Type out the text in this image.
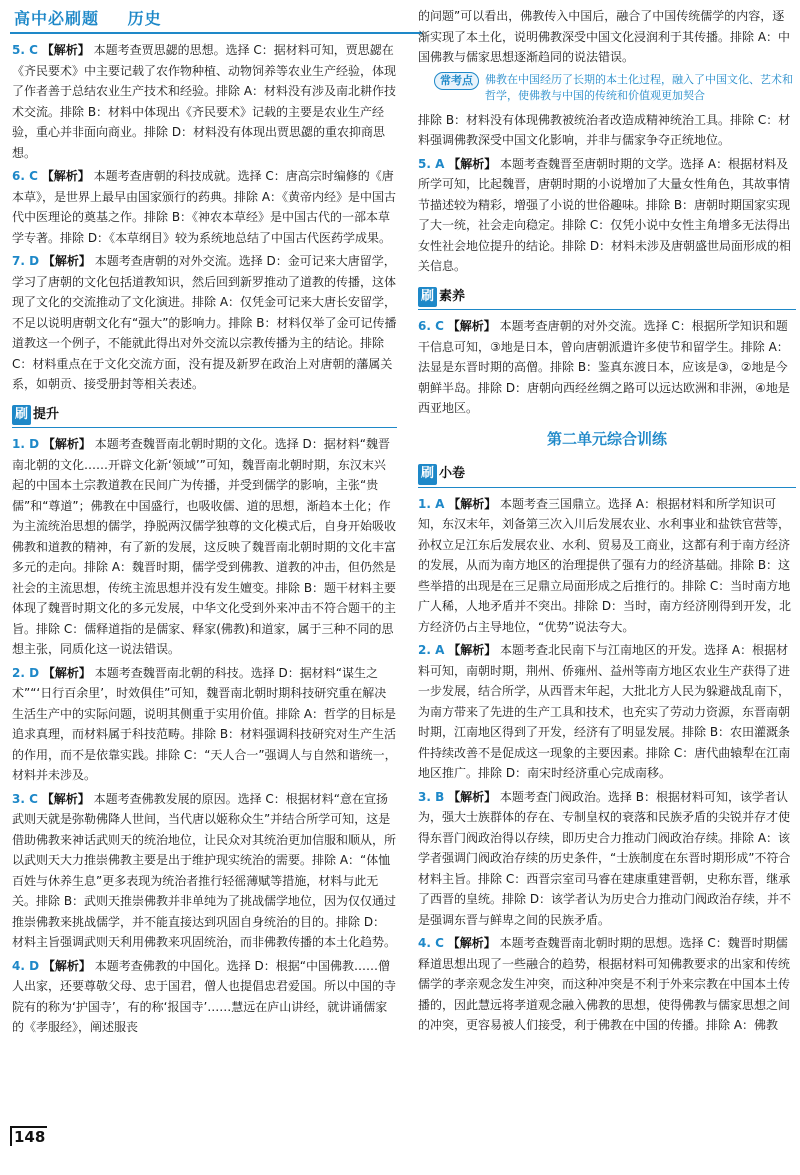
高中必刷题 历史
5. C 【解析】 本题考查贾思勰的思想。选择 C：据材料可知，贾思勰在《齐民要术》中主要记载了农作物种植、动物饲养等农业生产经验，体现了作者善于总结农业生产技术和经验。排除 A：材料没有涉及南北耕作技术交流。排除 B：材料中体现出《齐民要术》记载的主要是农业生产经验，重心并非面向商业。排除 D：材料没有体现出贾思勰的重农抑商思想。
6. C 【解析】 本题考查唐朝的科技成就。选择 C：唐高宗时编修的《唐本草》，是世界上最早由国家颁行的药典。排除 A：《黄帝内经》是中国古代中医理论的奠基之作。排除 B：《神农本草经》是中国古代的一部本草学专著。排除 D：《本草纲目》较为系统地总结了中国古代医药学成果。
7. D 【解析】 本题考查唐朝的对外交流。选择 D：金可记来大唐留学，学习了唐朝的文化包括道教知识，然后回到新罗推动了道教的传播，这体现了文化的交流推动了文化演进。排除 A：仅凭金可记来大唐长安留学，不足以说明唐朝文化有“强大”的影响力。排除 B：材料仅举了金可记传播道教这一个例子，不能就此得出对外交流以宗教传播为主的结论。排除 C：材料重点在于文化交流方面，没有提及新罗在政治上对唐朝的藩属关系，如朝贡、接受册封等相关表述。
刷 提升
1. D 【解析】 本题考查魏晋南北朝时期的文化。选择 D：据材料“魏晋南北朝的文化……开辟文化新‘领域’”可知，魏晋南北朝时期，东汉末兴起的中国本土宗教道教在民间广为传播，并受到儒学的影响，主张“贵儒”和“尊道”；佛教在中国盛行，也吸收儒、道的思想，渐趋本土化；作为主流统治思想的儒学，挣脱两汉儒学独尊的文化模式后，自身开始吸收佛教和道教的精神，有了新的发展，这反映了魏晋南北朝时期的文化丰富多元的走向。排除 A：魏晋时期，儒学受到佛教、道教的冲击，但仍然是社会的主流思想，传统主流思想并没有发生嬗变。排除 B：题干材料主要体现了魏晋时期文化的多元发展，中华文化受到外来冲击不符合题干的主旨。排除 C：儒释道指的是儒家、释家(佛教)和道家，属于三种不同的思想主张，同质化这一说法错误。
2. D 【解析】 本题考查魏晋南北朝的科技。选择 D：据材料“谋生之术”“‘日行百余里’，时效俱佳”可知，魏晋南北朝时期科技研究重在解决生活生产中的实际问题，说明其侧重于实用价值。排除 A：哲学的目标是追求真理，而材料属于科技范畴。排除 B：材料强调科技研究对生产生活的作用，而不是依靠实践。排除 C：“天人合一”强调人与自然和谐统一，材料并未涉及。
3. C 【解析】 本题考查佛教发展的原因。选择 C：根据材料“意在宣扬武则天就是弥勒佛降人世间，当代唐以姬称众生”并结合所学可知，这是借助佛教来神话武则天的统治地位，让民众对其统治更加信服和顺从，所以武则天大力推崇佛教主要是出于维护现实统治的需要。排除 A：“体恤百姓与休养生息”更多表现为统治者推行轻徭薄赋等措施，材料与此无关。排除 B：武则天推崇佛教并非单纯为了挑战儒学地位，因为仅仅通过推崇佛教来挑战儒学，并不能直接达到巩固自身统治的目的。排除 D：材料主旨强调武则天利用佛教来巩固统治，而非佛教传播的本土化趋势。
4. D 【解析】 本题考查佛教的中国化。选择 D：根据“中国佛教……僧人出家，还要尊敬父母、忠于国君，僧人也提倡忠君爱国。所以中国的寺院有的称为‘护国寺’，有的称‘报国寺’……慧远在庐山讲经，就讲诵儒家的《孝服经》，阐述服丧
的问题”可以看出，佛教传入中国后，融合了中国传统儒学的内容，逐渐实现了本土化，说明佛教深受中国文化浸润利于其传播。排除 A：中国佛教与儒家思想逐渐趋同的说法错误。
常考点	佛教在中国经历了长期的本土化过程，融入了中国文化、艺术和哲学，使佛教与中国的传统和价值观更加契合
排除 B：材料没有体现佛教被统治者改造成精神统治工具。排除 C：材料强调佛教深受中国文化影响，并非与儒家争夺正统地位。
5. A 【解析】 本题考查魏晋至唐朝时期的文学。选择 A：根据材料及所学可知，比起魏晋，唐朝时期的小说增加了大量女性角色，其故事情节描述较为精彩，增强了小说的世俗趣味。排除 B：唐朝时期国家实现了大一统，社会走向稳定。排除 C：仅凭小说中女性主角增多无法得出女性社会地位提升的结论。排除 D：材料未涉及唐朝盛世局面形成的相关信息。
刷 素养
6. C 【解析】 本题考查唐朝的对外交流。选择 C：根据所学知识和题干信息可知，③地是日本，曾向唐朝派遣许多使节和留学生。排除 A：法显是东晋时期的高僧。排除 B：鉴真东渡日本，应该是③，②地是今朝鲜半岛。排除 D：唐朝向西经丝绸之路可以远达欧洲和非洲，④地是西亚地区。
第二单元综合训练
刷 小卷
1. A 【解析】 本题考查三国鼎立。选择 A：根据材料和所学知识可知，东汉末年，刘备第三次入川后发展农业、水利事业和盐铁官营等，孙权立足江东后发展农业、水利、贸易及工商业，这都有利于南方经济的发展，从而为南方地区的治理提供了强有力的经济基础。排除 B：这些举措的出现是在三足鼎立局面形成之后推行的。排除 C：当时南方地广人稀，人地矛盾并不突出。排除 D：当时，南方经济刚得到开发，北方经济仍占主导地位，“优势”说法夸大。
2. A 【解析】 本题考查北民南下与江南地区的开发。选择 A：根据材料可知，南朝时期，荆州、侨雍州、益州等南方地区农业生产获得了进一步发展，结合所学，从西晋末年起，大批北方人民为躲避战乱南下，为南方带来了先进的生产工具和技术，也充实了劳动力资源，东晋南朝时期，江南地区得到了开发，经济有了明显发展。排除 B：农田灌溉条件持续改善不是促成这一现象的主要因素。排除 C：唐代曲辕犁在江南地区推广。排除 D：南宋时经济重心完成南移。
3. B 【解析】 本题考查门阀政治。选择 B：根据材料可知，该学者认为，强大士族群体的存在、专制皇权的衰落和民族矛盾的尖锐并存才使得东晋门阀政治得以存续，即历史合力推动门阀政治存续。排除 A：该学者强调门阀政治存续的历史条件，“士族制度在东晋时期形成”不符合材料主旨。排除 C：西晋宗室司马睿在建康重建晋朝，史称东晋，继承了西晋的皇统。排除 D：该学者认为历史合力推动门阀政治存续，并不是强调东晋与鲜卑之间的民族矛盾。
4. C 【解析】 本题考查魏晋南北朝时期的思想。选择 C：魏晋时期儒释道思想出现了一些融合的趋势，根据材料可知佛教要求的出家和传统儒学的孝亲观念发生冲突，而这种冲突是不利于外来宗教在中国本土传播的，因此慧远将孝道观念融入佛教的思想，使得佛教与儒家思想之间的冲突，更容易被人们接受，利于佛教在中国的传播。排除 A：佛教
148
